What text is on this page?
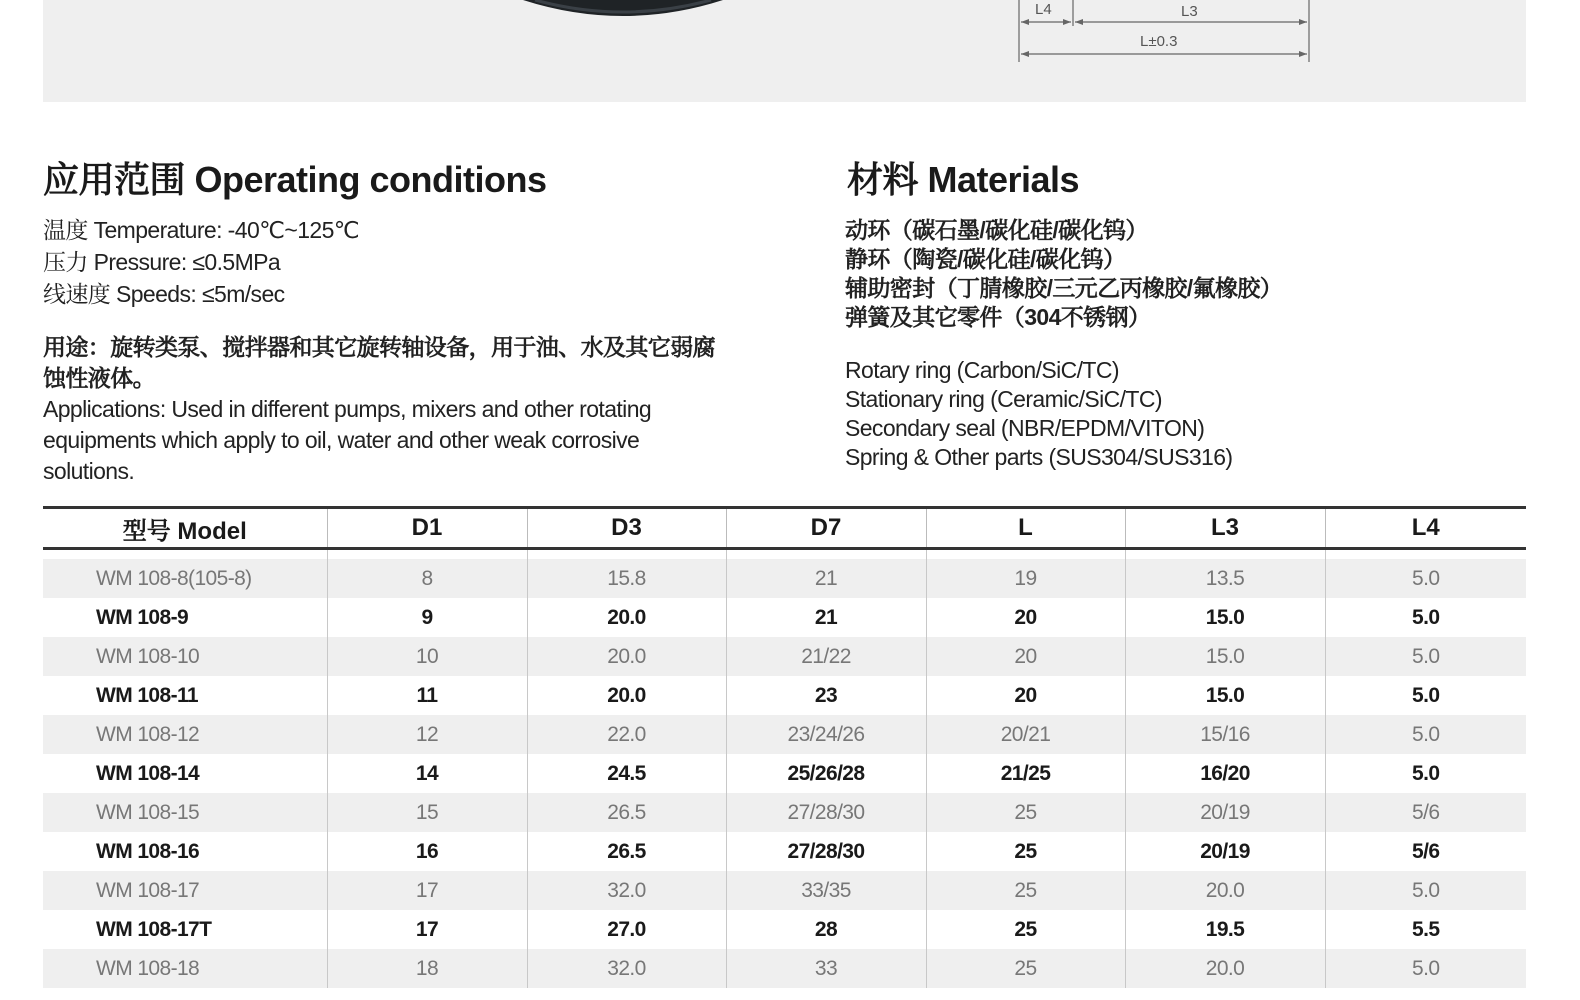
L4	L3
L±0.3
应用范围 Operating conditions
温度 Temperature: -40℃~125℃
压力 Pressure: ≤0.5MPa
线速度 Speeds: ≤5m/sec
用途：旋转类泵、搅拌器和其它旋转轴设备，用于油、水及其它弱腐蚀性液体。
Applications: Used in different pumps, mixers and other rotating equipments which apply to oil, water and other weak corrosive solutions.
材料 Materials
动环（碳石墨/碳化硅/碳化钨）
静环（陶瓷/碳化硅/碳化钨）
辅助密封（丁腈橡胶/三元乙丙橡胶/氟橡胶）
弹簧及其它零件（304不锈钢）
Rotary ring (Carbon/SiC/TC)
Stationary ring (Ceramic/SiC/TC)
Secondary seal (NBR/EPDM/VITON)
Spring & Other parts (SUS304/SUS316)
型号 Model	D1	D3	D7	L	L3	L4

WM 108-8(105-8)	8	15.8	21	19	13.5	5.0
WM 108-9	9	20.0	21	20	15.0	5.0
WM 108-10	10	20.0	21/22	20	15.0	5.0
WM 108-11	11	20.0	23	20	15.0	5.0
WM 108-12	12	22.0	23/24/26	20/21	15/16	5.0
WM 108-14	14	24.5	25/26/28	21/25	16/20	5.0
WM 108-15	15	26.5	27/28/30	25	20/19	5/6
WM 108-16	16	26.5	27/28/30	25	20/19	5/6
WM 108-17	17	32.0	33/35	25	20.0	5.0
WM 108-17T	17	27.0	28	25	19.5	5.5
WM 108-18	18	32.0	33	25	20.0	5.0
